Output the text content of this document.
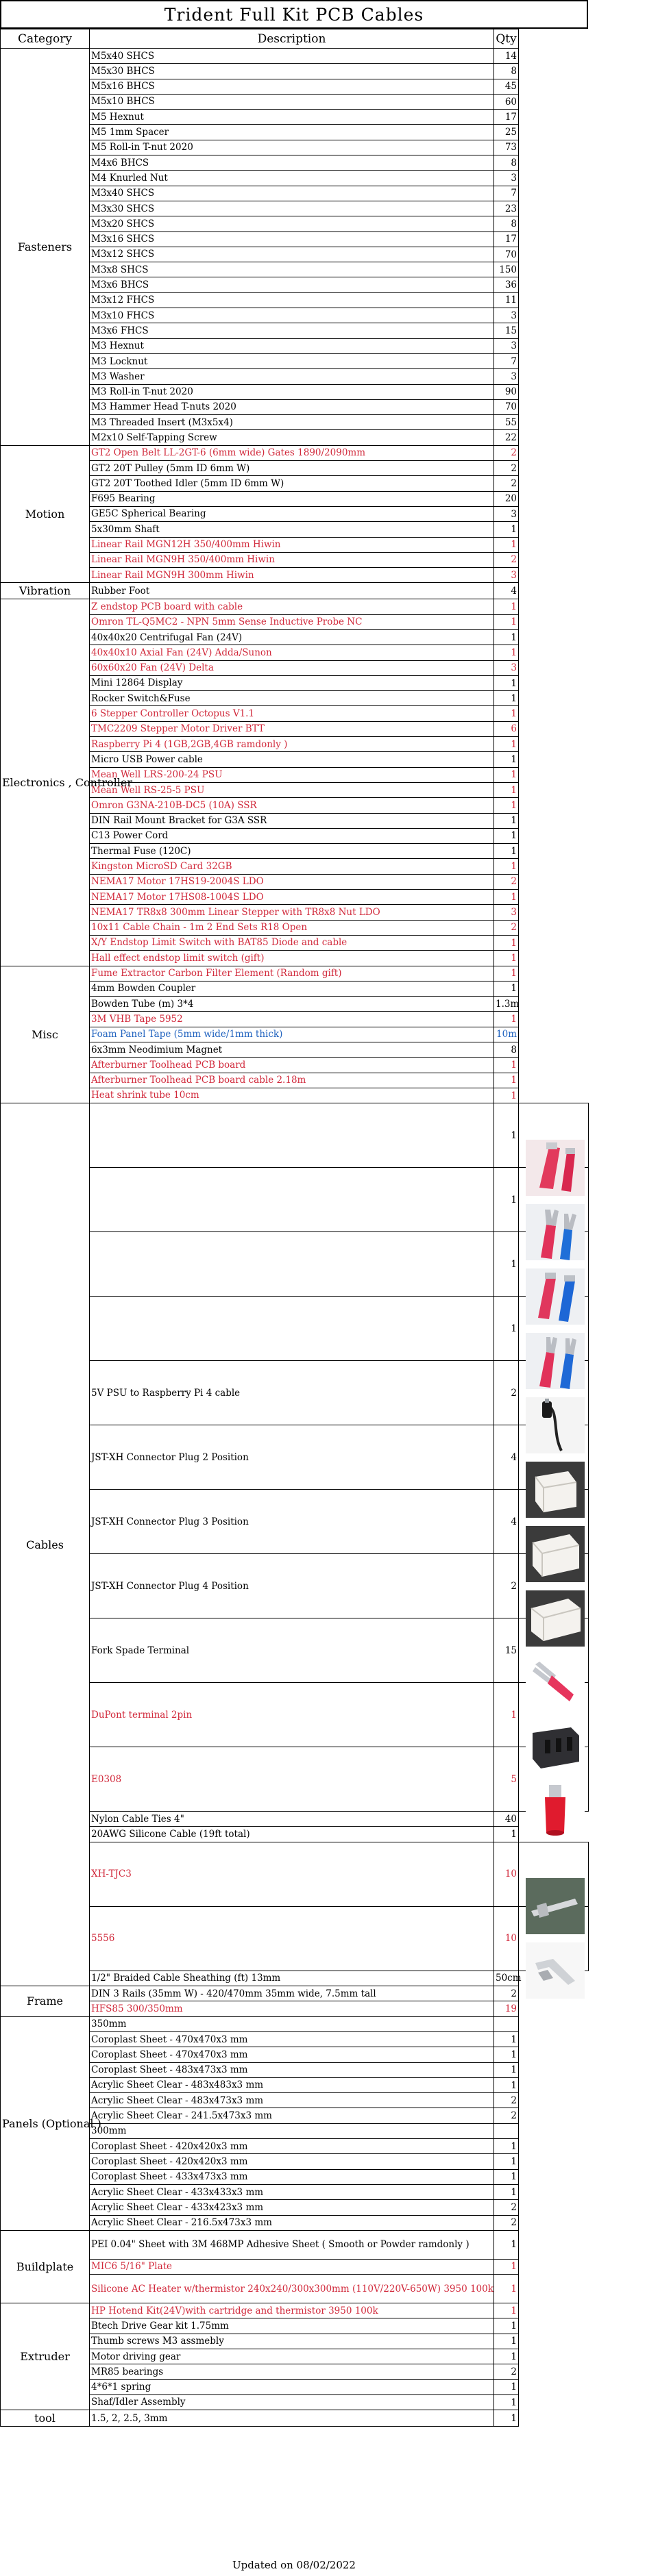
Trident Full Kit PCB Cables
Category	Description	Qty	
Fasteners	M5x40 SHCS	14	
	M5x30 BHCS	8	
	M5x16 BHCS	45	
	M5x10 BHCS	60	
	M5 Hexnut	17	
	M5 1mm Spacer	25	
	M5 Roll-in T-nut 2020	73	
	M4x6 BHCS	8	
	M4 Knurled Nut	3	
	M3x40 SHCS	7	
	M3x30 SHCS	23	
	M3x20 SHCS	8	
	M3x16 SHCS	17	
	M3x12 SHCS	70	
	M3x8 SHCS	150	
	M3x6 BHCS	36	
	M3x12 FHCS	11	
	M3x10 FHCS	3	
	M3x6 FHCS	15	
	M3 Hexnut	3	
	M3 Locknut	7	
	M3 Washer	3	
	M3 Roll-in T-nut 2020	90	
	M3 Hammer Head T-nuts 2020	70	
	M3 Threaded Insert (M3x5x4)	55	
	M2x10 Self-Tapping Screw	22	
Motion	GT2 Open Belt LL-2GT-6 (6mm wide) Gates 1890/2090mm	2	
	GT2 20T Pulley (5mm ID 6mm W)	2	
	GT2 20T Toothed Idler (5mm ID 6mm W)	2	
	F695 Bearing	20	
	GE5C Spherical Bearing	3	
	5x30mm Shaft	1	
	Linear Rail MGN12H 350/400mm Hiwin	1	
	Linear Rail MGN9H 350/400mm Hiwin	2	
	Linear Rail MGN9H 300mm Hiwin	3	
Vibration	Rubber Foot	4	
Electronics , Controller	Z endstop PCB board with cable	1	
	Omron TL-Q5MC2 - NPN 5mm Sense Inductive Probe NC	1	
	40x40x20 Centrifugal Fan (24V)	1	
	40x40x10 Axial Fan (24V) Adda/Sunon	1	
	60x60x20 Fan (24V) Delta	3	
	Mini 12864 Display	1	
	Rocker Switch&Fuse	1	
	6 Stepper Controller Octopus V1.1	1	
	TMC2209 Stepper Motor Driver BTT	6	
	Raspberry Pi 4 (1GB,2GB,4GB ramdonly )	1	
	Micro USB Power cable	1	
	Mean Well LRS-200-24 PSU	1	
	Mean Well RS-25-5 PSU	1	
	Omron G3NA-210B-DC5 (10A) SSR	1	
	DIN Rail Mount Bracket for G3A SSR	1	
	C13 Power Cord	1	
	Thermal Fuse (120C)	1	
	Kingston MicroSD Card 32GB	1	
	NEMA17 Motor 17HS19-2004S LDO	2	
	NEMA17 Motor 17HS08-1004S LDO	1	
	NEMA17 TR8x8 300mm Linear Stepper with TR8x8 Nut LDO	3	
	10x11 Cable Chain - 1m 2 End Sets R18 Open	2	
	X/Y Endstop Limit Switch with BAT85 Diode and cable	1	
	Hall effect endstop limit switch (gift)	1	
Misc	Fume Extractor Carbon Filter Element (Random gift)	1	
	4mm Bowden Coupler	1	
	Bowden Tube (m) 3*4	1.3m	
	3M VHB Tape 5952	1	
	Foam Panel Tape (5mm wide/1mm thick)	10m	
	6x3mm Neodimium Magnet	8	
	Afterburner Toolhead PCB board	1	
	Afterburner Toolhead PCB board cable 2.18m	1	
	Heat shrink tube 10cm	1	
Cables		1	

		1	

		1	

		1	

	5V PSU to Raspberry Pi 4 cable	2	

	JST-XH Connector Plug 2 Position	4	

	JST-XH Connector Plug 3 Position	4	

	JST-XH Connector Plug 4 Position	2	

	Fork Spade Terminal	15	

	DuPont terminal 2pin	1	

	E0308	5	

	Nylon Cable Ties 4"	40	
	20AWG Silicone Cable (19ft total)	1	
	XH-TJC3	10	

	5556	10	

	1/2" Braided Cable Sheathing (ft) 13mm	50cm	
Frame	DIN 3 Rails (35mm W) - 420/470mm 35mm wide, 7.5mm tall	2	
	HFS85 300/350mm	19	
Panels (Optional )	350mm		
	Coroplast Sheet - 470x470x3 mm	1	
	Coroplast Sheet - 470x470x3 mm	1	
	Coroplast Sheet - 483x473x3 mm	1	
	Acrylic Sheet Clear - 483x483x3 mm	1	
	Acrylic Sheet Clear - 483x473x3 mm	2	
	Acrylic Sheet Clear - 241.5x473x3 mm	2	
	300mm		
	Coroplast Sheet - 420x420x3 mm	1	
	Coroplast Sheet - 420x420x3 mm	1	
	Coroplast Sheet - 433x473x3 mm	1	
	Acrylic Sheet Clear - 433x433x3 mm	1	
	Acrylic Sheet Clear - 433x423x3 mm	2	
	Acrylic Sheet Clear - 216.5x473x3 mm	2	
Buildplate	PEI 0.04" Sheet with 3M 468MP Adhesive Sheet ( Smooth or Powder ramdonly )	1	
	MIC6 5/16" Plate	1	
	Silicone AC Heater w/thermistor 240x240/300x300mm (110V/220V-650W) 3950 100k	1	
Extruder	HP Hotend Kit(24V)with cartridge and thermistor 3950 100k	1	
	Btech Drive Gear kit 1.75mm	1	
	Thumb screws M3 assmebly	1	
	Motor driving gear	1	
	MR85 bearings	2	
	4*6*1 spring	1	
	Shaf/Idler Assembly	1	
tool	1.5, 2, 2.5, 3mm	1	
Updated on 08/02/2022
